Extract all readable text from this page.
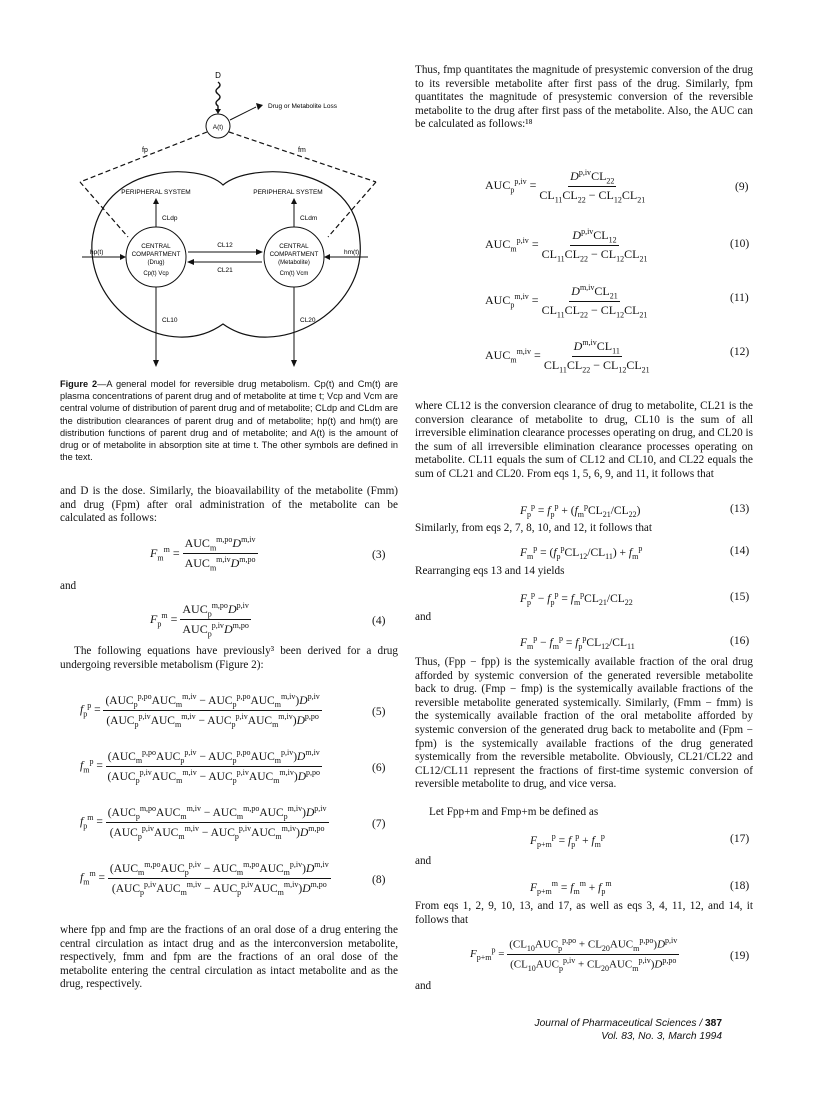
D
A(t)
Drug or Metabolite Loss
fp	fm
PERIPHERAL SYSTEM	PERIPHERAL SYSTEM
CLdp	CLdm
CENTRAL
COMPARTMENT
(Drug)
Cp(t) Vcp
CENTRAL
COMPARTMENT
(Metabolite)
Cm(t) Vcm
CL12
CL21
hp(t)	hm(t)
CL10	CL20
Figure 2—A general model for reversible drug metabolism. Cp(t) and Cm(t) are plasma concentrations of parent drug and of metabolite at time t; Vcp and Vcm are central volume of distribution of parent drug and of metabolite; CLdp and CLdm are the distribution clearances of parent drug and of metabolite; hp(t) and hm(t) are distribution functions of parent drug and of metabolite; and A(t) is the amount of drug or of metabolite in absorption site at time t. The other symbols are defined in the text.
and D is the dose. Similarly, the bioavailability of the metabolite (Fmm) and drug (Fpm) after oral administration of the metabolite can be calculated as follows:
$F_m^m = \frac{AUC_m^{m,po}D^{m,iv}}{AUC_m^{m,iv}D^{m,po}}$	(3)
and
$F_p^m = \frac{AUC_p^{m,po}D^{p,iv}}{AUC_p^{p,iv}D^{m,po}}$	(4)
The following equations have previously³ been derived for a drug undergoing reversible metabolism (Figure 2):
$f_p^p = \frac{(AUC_p^{p,po}AUC_m^{m,iv} - AUC_p^{p,po}AUC_m^{m,iv})D^{p,iv}}{(AUC_p^{p,iv}AUC_m^{m,iv} - AUC_p^{p,iv}AUC_m^{m,iv})D^{p,po}}$	(5)
$f_m^p = \frac{(AUC_m^{p,po}AUC_p^{p,iv} - AUC_p^{p,po}AUC_m^{p,iv})D^{m,iv}}{(AUC_p^{p,iv}AUC_m^{m,iv} - AUC_p^{p,iv}AUC_m^{m,iv})D^{p,po}}$	(6)
$f_p^m = \frac{(AUC_p^{m,po}AUC_m^{m,iv} - AUC_m^{m,po}AUC_p^{m,iv})D^{p,iv}}{(AUC_p^{p,iv}AUC_m^{m,iv} - AUC_p^{p,iv}AUC_m^{m,iv})D^{m,po}}$	(7)
$f_m^m = \frac{(AUC_m^{m,po}AUC_p^{p,iv} - AUC_m^{m,po}AUC_m^{p,iv})D^{m,iv}}{(AUC_p^{p,iv}AUC_m^{m,iv} - AUC_p^{p,iv}AUC_m^{m,iv})D^{m,po}}$	(8)
where fpp and fmp are the fractions of an oral dose of a drug entering the central circulation as intact drug and as the interconversion metabolite, respectively, fmm and fpm are the fractions of an oral dose of the metabolite entering the central circulation as intact metabolite and as the drug, respectively.
Thus, fmp quantitates the magnitude of presystemic conversion of the drug to its reversible metabolite after first pass of the drug. Similarly, fpm quantitates the magnitude of presystemic conversion of the reversible metabolite to the drug after first pass of the metabolite. Also, the AUC can be calculated as follows:¹⁸
$AUC_p^{p,iv} = \frac{D^{p,iv}CL_{22}}{CL_{11}CL_{22} - CL_{12}CL_{21}}$	(9)
$AUC_m^{p,iv} = \frac{D^{p,iv}CL_{12}}{CL_{11}CL_{22} - CL_{12}CL_{21}}$	(10)
$AUC_p^{m,iv} = \frac{D^{m,iv}CL_{21}}{CL_{11}CL_{22} - CL_{12}CL_{21}}$	(11)
$AUC_m^{m,iv} = \frac{D^{m,iv}CL_{11}}{CL_{11}CL_{22} - CL_{12}CL_{21}}$	(12)
where CL12 is the conversion clearance of drug to metabolite, CL21 is the conversion clearance of metabolite to drug, CL10 is the sum of all irreversible elimination clearance processes operating on drug, and CL20 is the sum of all irreversible elimination clearance processes operating on metabolite. CL11 equals the sum of CL12 and CL10, and CL22 equals the sum of CL21 and CL20. From eqs 1, 5, 6, 9, and 11, it follows that
$F_p^p = f_p^p + (f_m^pCL_{21}/CL_{22})$	(13)
Similarly, from eqs 2, 7, 8, 10, and 12, it follows that
$F_m^p = (f_p^pCL_{12}/CL_{11}) + f_m^p$	(14)
Rearranging eqs 13 and 14 yields
$F_p^p - f_p^p = f_m^pCL_{21}/CL_{22}$	(15)
and
$F_m^p - f_m^p = f_p^pCL_{12}/CL_{11}$	(16)
Thus, (Fpp − fpp) is the systemically available fraction of the oral drug afforded by systemic conversion of the generated reversible metabolite back to drug. (Fmp − fmp) is the systemically available fractions of the reversible metabolite generated systemically. Similarly, (Fmm − fmm) is the systemically available fraction of the oral metabolite afforded by systemic conversion of the generated drug back to metabolite and (Fpm − fpm) is the systemically available fractions of the drug generated systemically from the reversible metabolite. Obviously, CL21/CL22 and CL12/CL11 represent the fractions of first-time systemic conversion of reversible metabolite to drug, and vice versa.
Let Fpp+m and Fmp+m be defined as
$F_{p+m}^p = f_p^p + f_m^p$	(17)
and
$F_{p+m}^m = f_m^m + f_p^m$	(18)
From eqs 1, 2, 9, 10, 13, and 17, as well as eqs 3, 4, 11, 12, and 14, it follows that
$F_{p+m}^p = \frac{(CL_{10}AUC_p^{p,po} + CL_{20}AUC_m^{p,po})D^{p,iv}}{(CL_{10}AUC_p^{p,iv} + CL_{20}AUC_m^{p,iv})D^{p,po}}$	(19)
and
Journal of Pharmaceutical Sciences / 387
Vol. 83, No. 3, March 1994
